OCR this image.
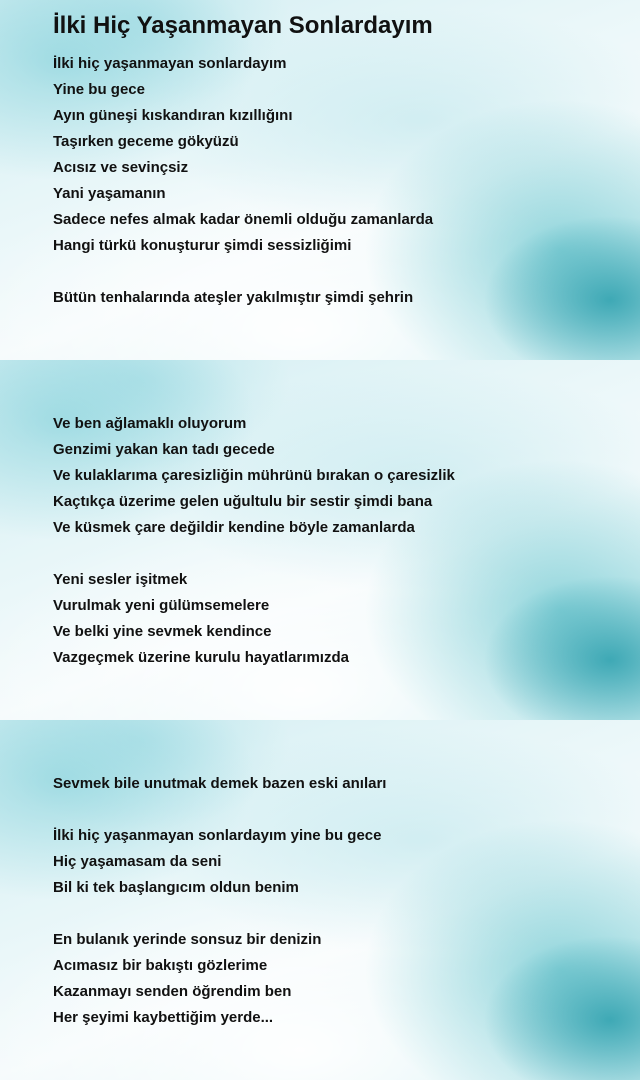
İlki Hiç Yaşanmayan Sonlardayım
İlki hiç yaşanmayan sonlardayım
Yine bu gece
Ayın güneşi kıskandıran kızıllığını
Taşırken geceme gökyüzü
Acısız ve sevinçsiz
Yani yaşamanın
Sadece nefes almak kadar önemli olduğu zamanlarda
Hangi türkü konuşturur şimdi sessizliğimi
Bütün tenhalarında ateşler yakılmıştır şimdi şehrin
Ve ben ağlamaklı oluyorum
Genzimi yakan kan tadı gecede
Ve kulaklarıma çaresizliğin mührünü bırakan o çaresizlik
Kaçtıkça üzerime gelen uğultulu bir sestir şimdi bana
Ve küsmek çare değildir kendine böyle zamanlarda
Yeni sesler işitmek
Vurulmak yeni gülümsemelere
Ve belki yine sevmek kendince
Vazgeçmek üzerine kurulu hayatlarımızda
Sevmek bile unutmak demek bazen eski anıları
İlki hiç yaşanmayan sonlardayım yine bu gece
Hiç yaşamasam da seni
Bil ki tek başlangıcım oldun benim
En bulanık yerinde sonsuz bir denizin
Acımasız bir bakıştı gözlerime
Kazanmayı senden öğrendim ben
Her şeyimi kaybettiğim yerde...
